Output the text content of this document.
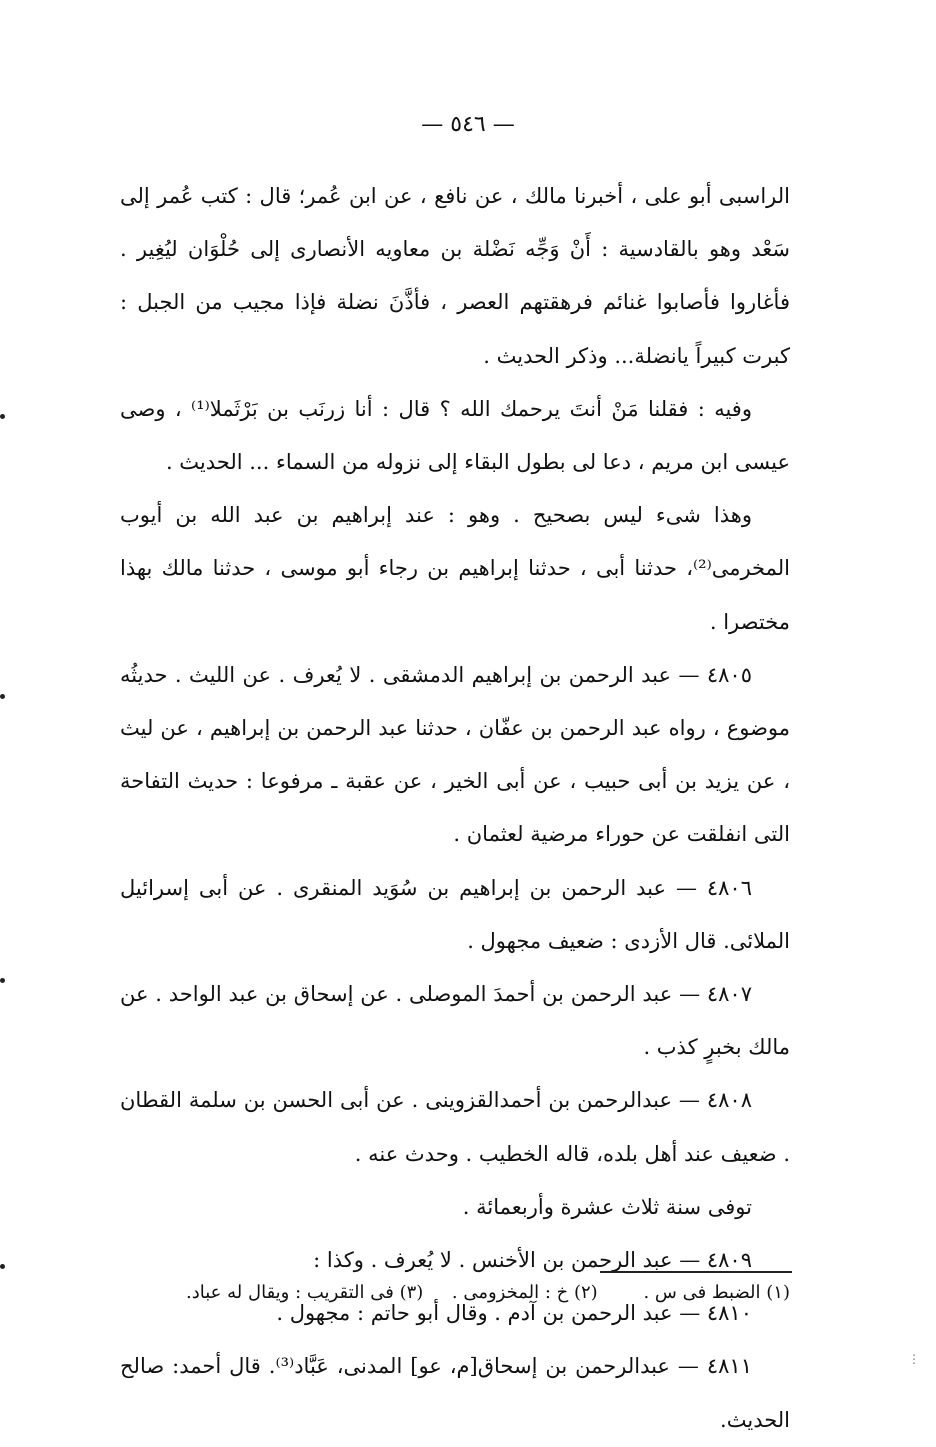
— ٥٤٦ —

الراسبى أبو على ، أخبرنا مالك ، عن نافع ، عن ابن عُمر؛ قال : كتب عُمر إلى سَعْد وهو بالقادسية : أَنْ وَجِّه نَضْلة بن معاويه الأنصارى إلى حُلْوَان ليُغِير . فأغاروا فأصابوا غنائم فرهقتهم العصر ، فأذَّنَ نضلة فإذا مجيب من الجبل : كبرت كبيراً يانضلة... وذكر الحديث .

وفيه : فقلنا مَنْ أنتَ يرحمك الله ؟ قال : أنا زرنَب بن بَرْثَملا⁽¹⁾ ، وصى عيسى ابن مريم ، دعا لى بطول البقاء إلى نزوله من السماء ... الحديث .

وهذا شىء ليس بصحيح . وهو : عند إبراهيم بن عبد الله بن أيوب المخرمى⁽²⁾، حدثنا أبى ، حدثنا إبراهيم بن رجاء أبو موسى ، حدثنا مالك بهذا مختصرا .

٤٨٠٥ — عبد الرحمن بن إبراهيم الدمشقى . لا يُعرف . عن الليث . حديثُه موضوع ، رواه عبد الرحمن بن عفّان ، حدثنا عبد الرحمن بن إبراهيم ، عن ليث ، عن يزيد بن أبى حبيب ، عن أبى الخير ، عن عقبة ـ مرفوعا : حديث التفاحة التى انفلقت عن حوراء مرضية لعثمان .

٤٨٠٦ — عبد الرحمن بن إبراهيم بن سُوَيد المنقرى . عن أبى إسرائيل الملائى. قال الأزدى : ضعيف مجهول .

٤٨٠٧ — عبد الرحمن بن أحمدَ الموصلى . عن إسحاق بن عبد الواحد . عن مالك بخبرٍ كذب .

٤٨٠٨ — عبدالرحمن بن أحمدالقزوينى . عن أبى الحسن بن سلمة القطان . ضعيف عند أهل بلده، قاله الخطيب . وحدث عنه .

توفى سنة ثلاث عشرة وأربعمائة .

٤٨٠٩ — عبد الرحمن بن الأخنس . لا يُعرف . وكذا :

٤٨١٠ — عبد الرحمن بن آدم . وقال أبو حاتم : مجهول .

٤٨١١ — عبدالرحمن بن إسحاق[م، عو] المدنى، عَبَّاد⁽³⁾. قال أحمد: صالح الحديث.

(١) الضبط فى س .        (٢) خ : المخزومى .     (٣) فى التقريب : ويقال له عباد.
⋮
